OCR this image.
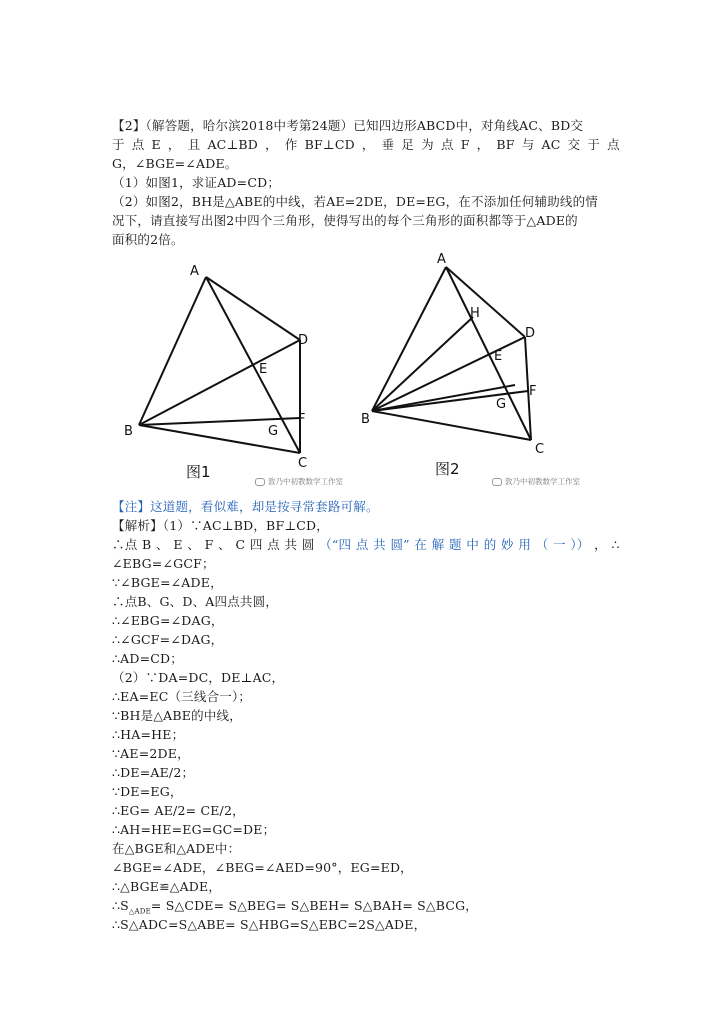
【2】（解答题，哈尔滨2018中考第24题）已知四边形ABCD中，对角线AC、BD交
于 点 E ， 且 AC⊥BD ， 作 BF⊥CD ， 垂 足 为 点 F ， BF 与 AC 交 于 点
G，∠BGE=∠ADE。
（1）如图1，求证AD=CD；
（2）如图2，BH是△ABE的中线，若AE=2DE，DE=EG，在不添加任何辅助线的情
况下，请直接写出图2中四个三角形，使得写出的每个三角形的面积都等于△ADE的
面积的2倍。
A
B
C
D
E
F
G
图1
敦乃中初教数学工作室
A
B
C
D
E
F
G
H
图2
敦乃中初教数学工作室
【注】这道题，看似难，却是按寻常套路可解。
【解析】（1）∵AC⊥BD，BF⊥CD，
∴点 B 、 E 、 F 、 C 四 点 共 圆 （“四 点 共 圆” 在 解 题 中 的 妙 用 （ 一 ）） ， ∴
∠EBG=∠GCF；
∵∠BGE=∠ADE，
∴点B、G、D、A四点共圆，
∴∠EBG=∠DAG，
∴∠GCF=∠DAG，
∴AD=CD；
（2）∵DA=DC，DE⊥AC，
∴EA=EC（三线合一）；
∵BH是△ABE的中线，
∴HA=HE；
∵AE=2DE，
∴DE=AE/2；
∵DE=EG，
∴EG= AE/2= CE/2，
∴AH=HE=EG=GC=DE；
在△BGE和△ADE中：
∠BGE=∠ADE，∠BEG=∠AED=90°，EG=ED，
∴△BGE≌△ADE，
$\therefore S_{\triangle ADE}=$ S△CDE= S△BEG= S△BEH= S△BAH= S△BCG，
∴S△ADC=S△ABE= S△HBG=S△EBC=2S△ADE，
